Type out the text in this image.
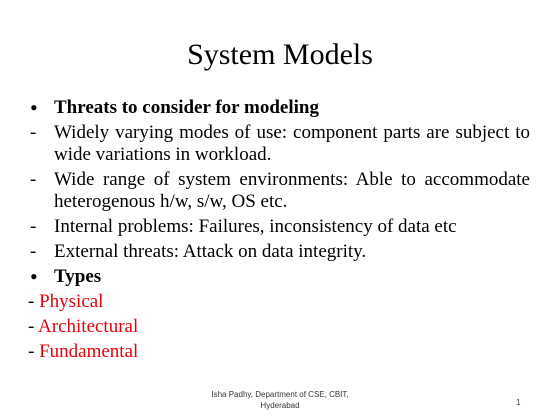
System Models
• Threats to consider for modeling
- Widely varying modes of use: component parts are subject to wide variations in workload.
- Wide range of system environments: Able to accommodate heterogenous h/w, s/w, OS etc.
- Internal problems: Failures, inconsistency of data etc
- External threats: Attack on data integrity.
• Types
- Physical
- Architectural
- Fundamental
Isha Padhy, Department of CSE, CBIT, Hyderabad	1
